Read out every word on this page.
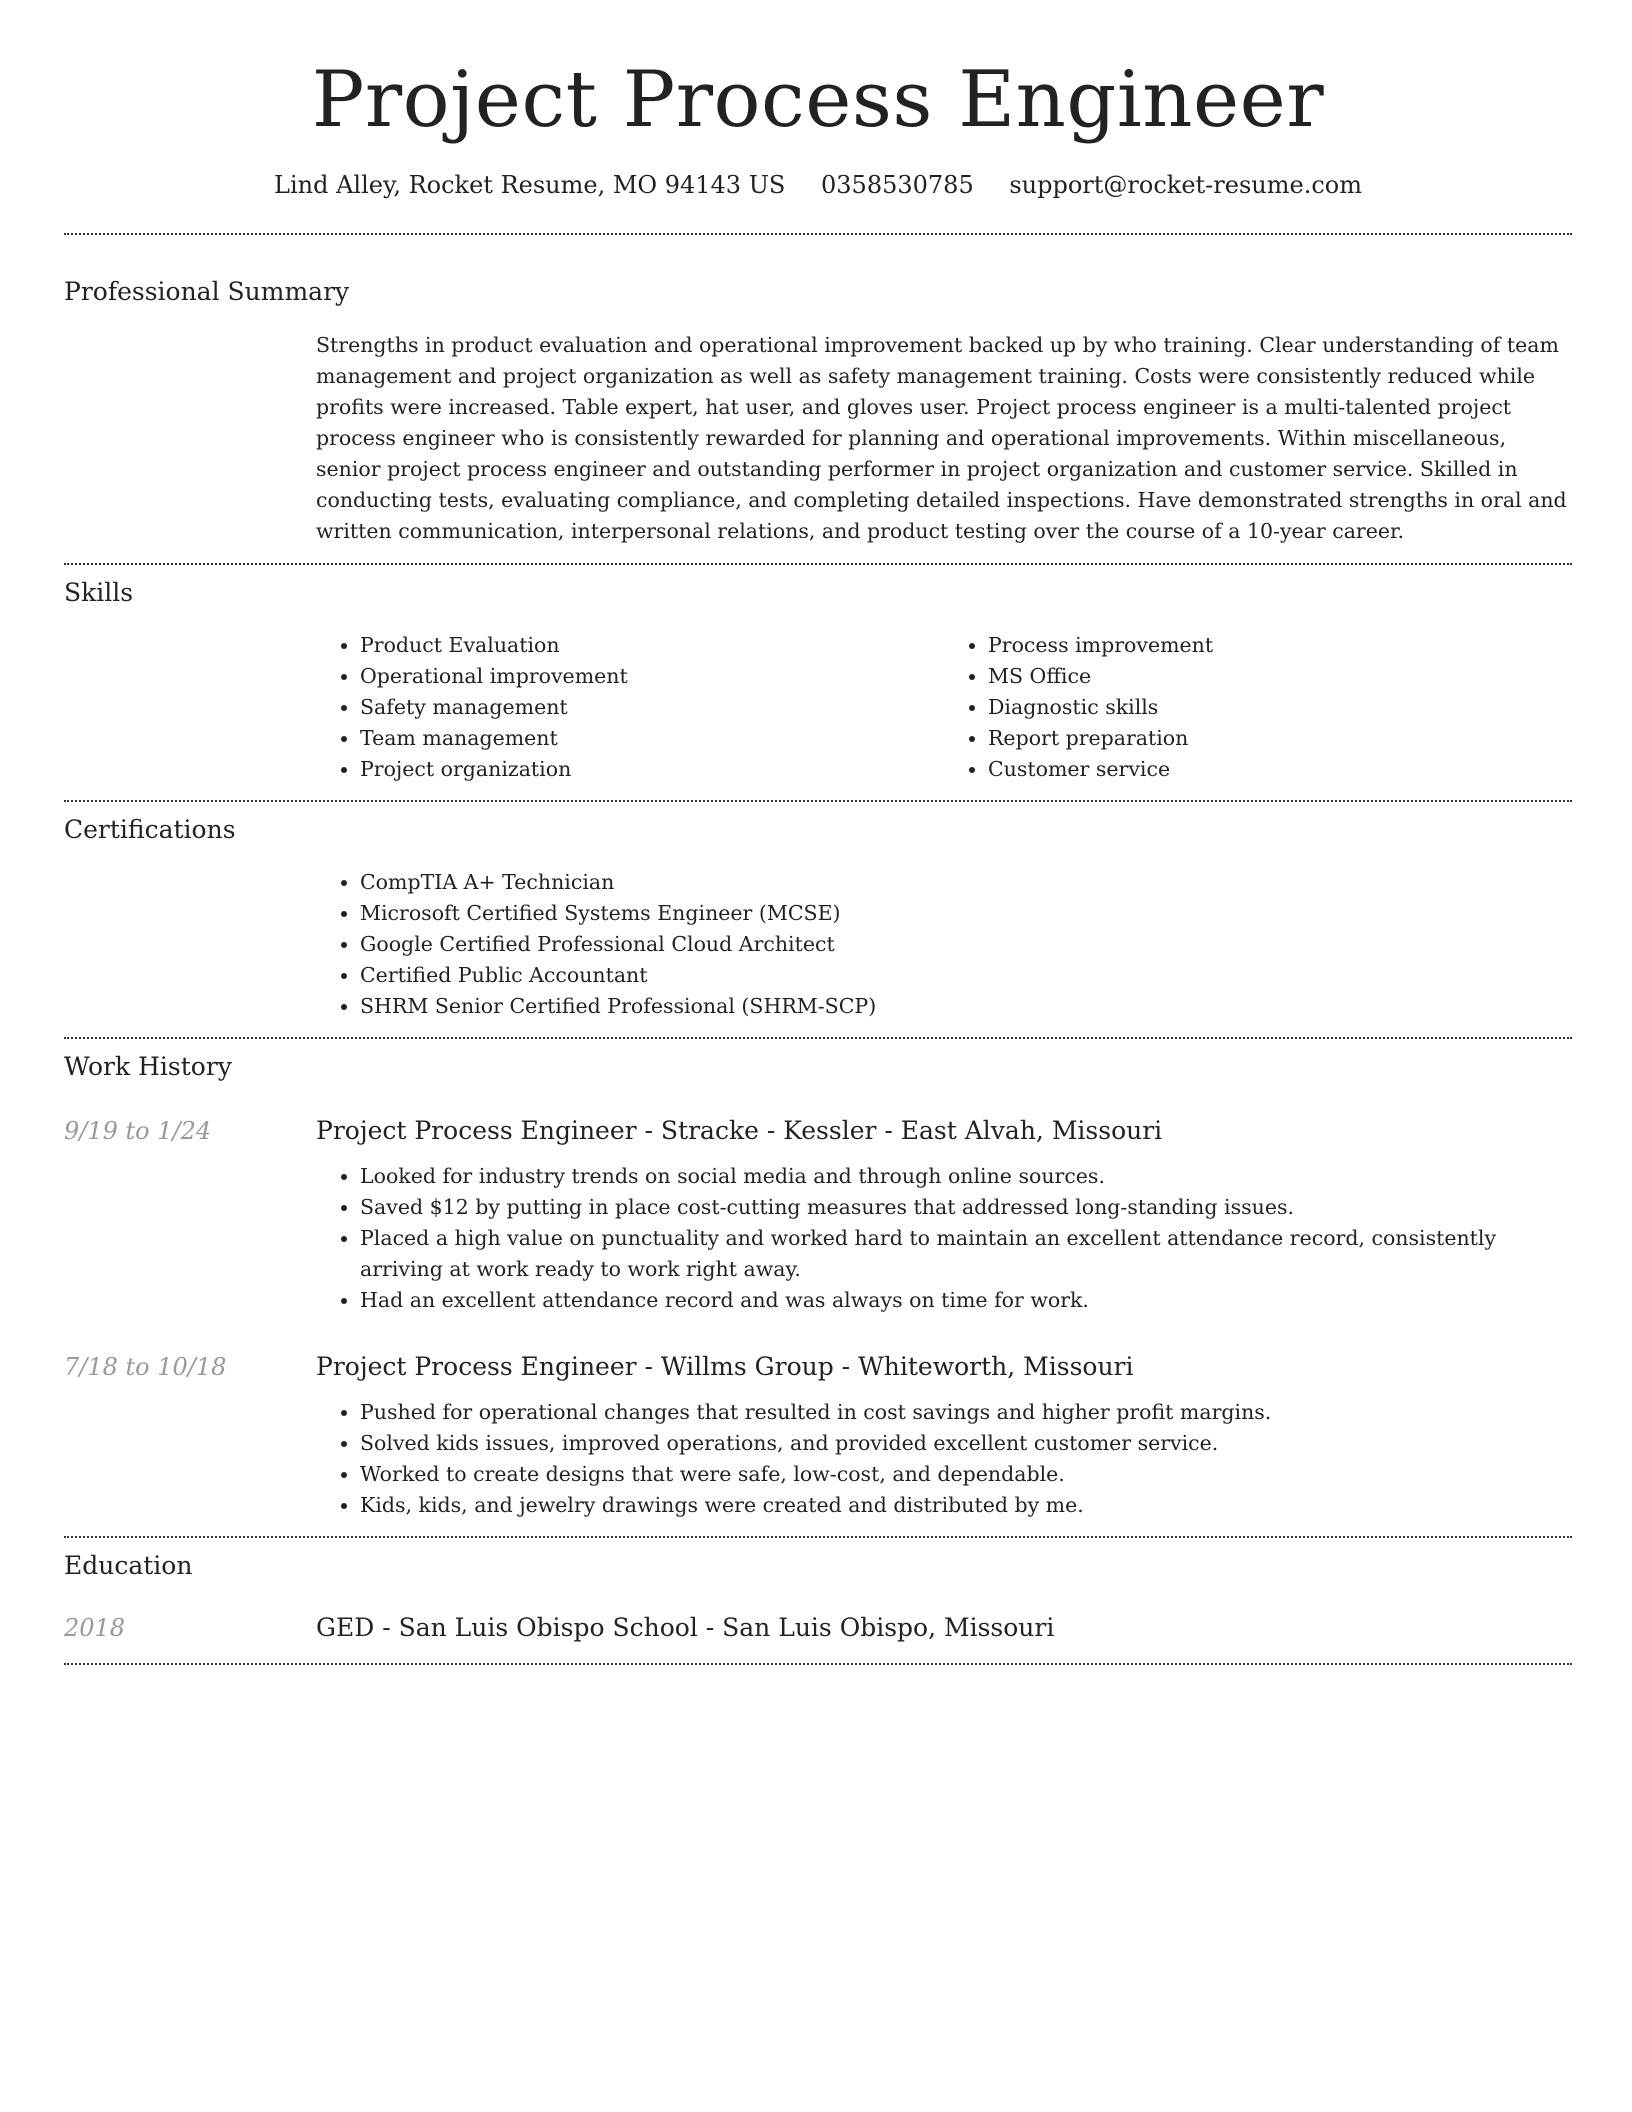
Project Process Engineer
Lind Alley, Rocket Resume, MO 94143 US 0358530785 support@rocket-resume.com
Professional Summary
Strengths in product evaluation and operational improvement backed up by who training. Clear understanding of team management and project organization as well as safety management training. Costs were consistently reduced while profits were increased. Table expert, hat user, and gloves user. Project process engineer is a multi-talented project process engineer who is consistently rewarded for planning and operational improvements. Within miscellaneous, senior project process engineer and outstanding performer in project organization and customer service. Skilled in conducting tests, evaluating compliance, and completing detailed inspections. Have demonstrated strengths in oral and written communication, interpersonal relations, and product testing over the course of a 10-year career.
Skills
• Product Evaluation
• Operational improvement
• Safety management
• Team management
• Project organization
• Process improvement
• MS Office
• Diagnostic skills
• Report preparation
• Customer service
Certifications
• CompTIA A+ Technician
• Microsoft Certified Systems Engineer (MCSE)
• Google Certified Professional Cloud Architect
• Certified Public Accountant
• SHRM Senior Certified Professional (SHRM-SCP)
Work History
9/19 to 1/24	Project Process Engineer - Stracke - Kessler - East Alvah, Missouri
• Looked for industry trends on social media and through online sources.
• Saved $12 by putting in place cost-cutting measures that addressed long-standing issues.
• Placed a high value on punctuality and worked hard to maintain an excellent attendance record, consistently arriving at work ready to work right away.
• Had an excellent attendance record and was always on time for work.
7/18 to 10/18	Project Process Engineer - Willms Group - Whiteworth, Missouri
• Pushed for operational changes that resulted in cost savings and higher profit margins.
• Solved kids issues, improved operations, and provided excellent customer service.
• Worked to create designs that were safe, low-cost, and dependable.
• Kids, kids, and jewelry drawings were created and distributed by me.
Education
2018	GED - San Luis Obispo School - San Luis Obispo, Missouri
